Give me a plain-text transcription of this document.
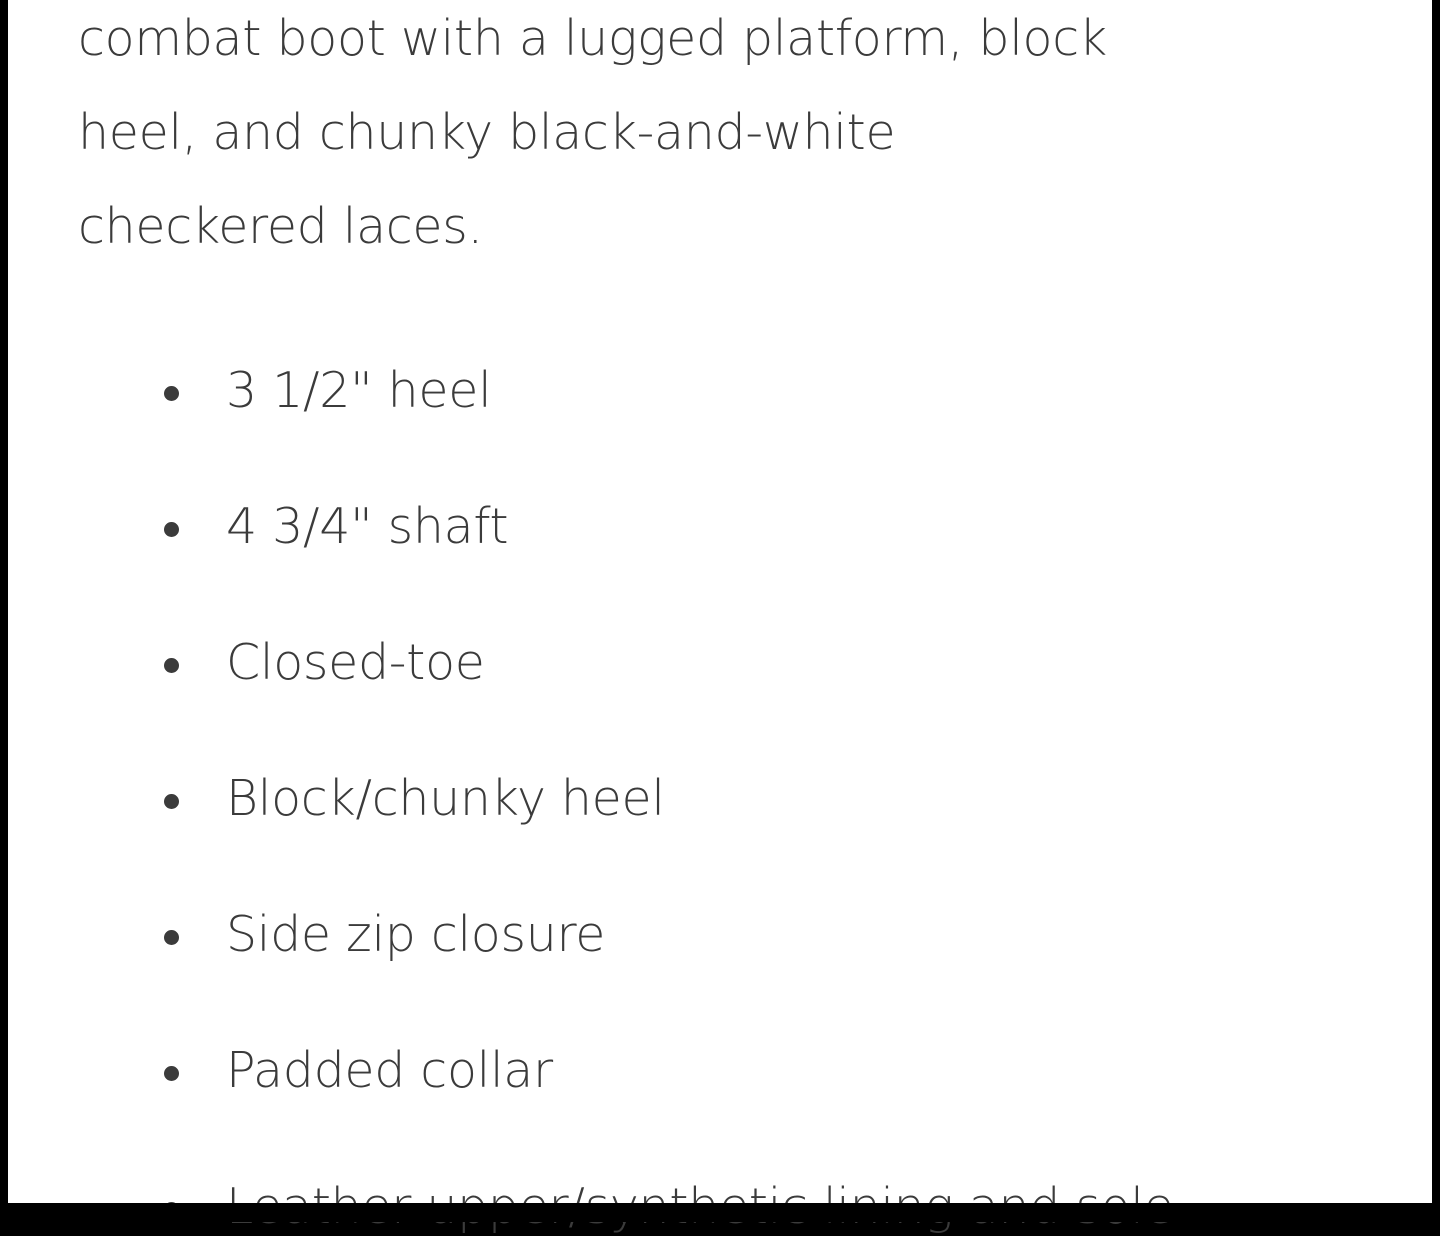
combat boot with a lugged platform, block
heel, and chunky black-and-white
checkered laces.

3 1/2" heel
4 3/4" shaft
Closed-toe
Block/chunky heel
Side zip closure
Padded collar
